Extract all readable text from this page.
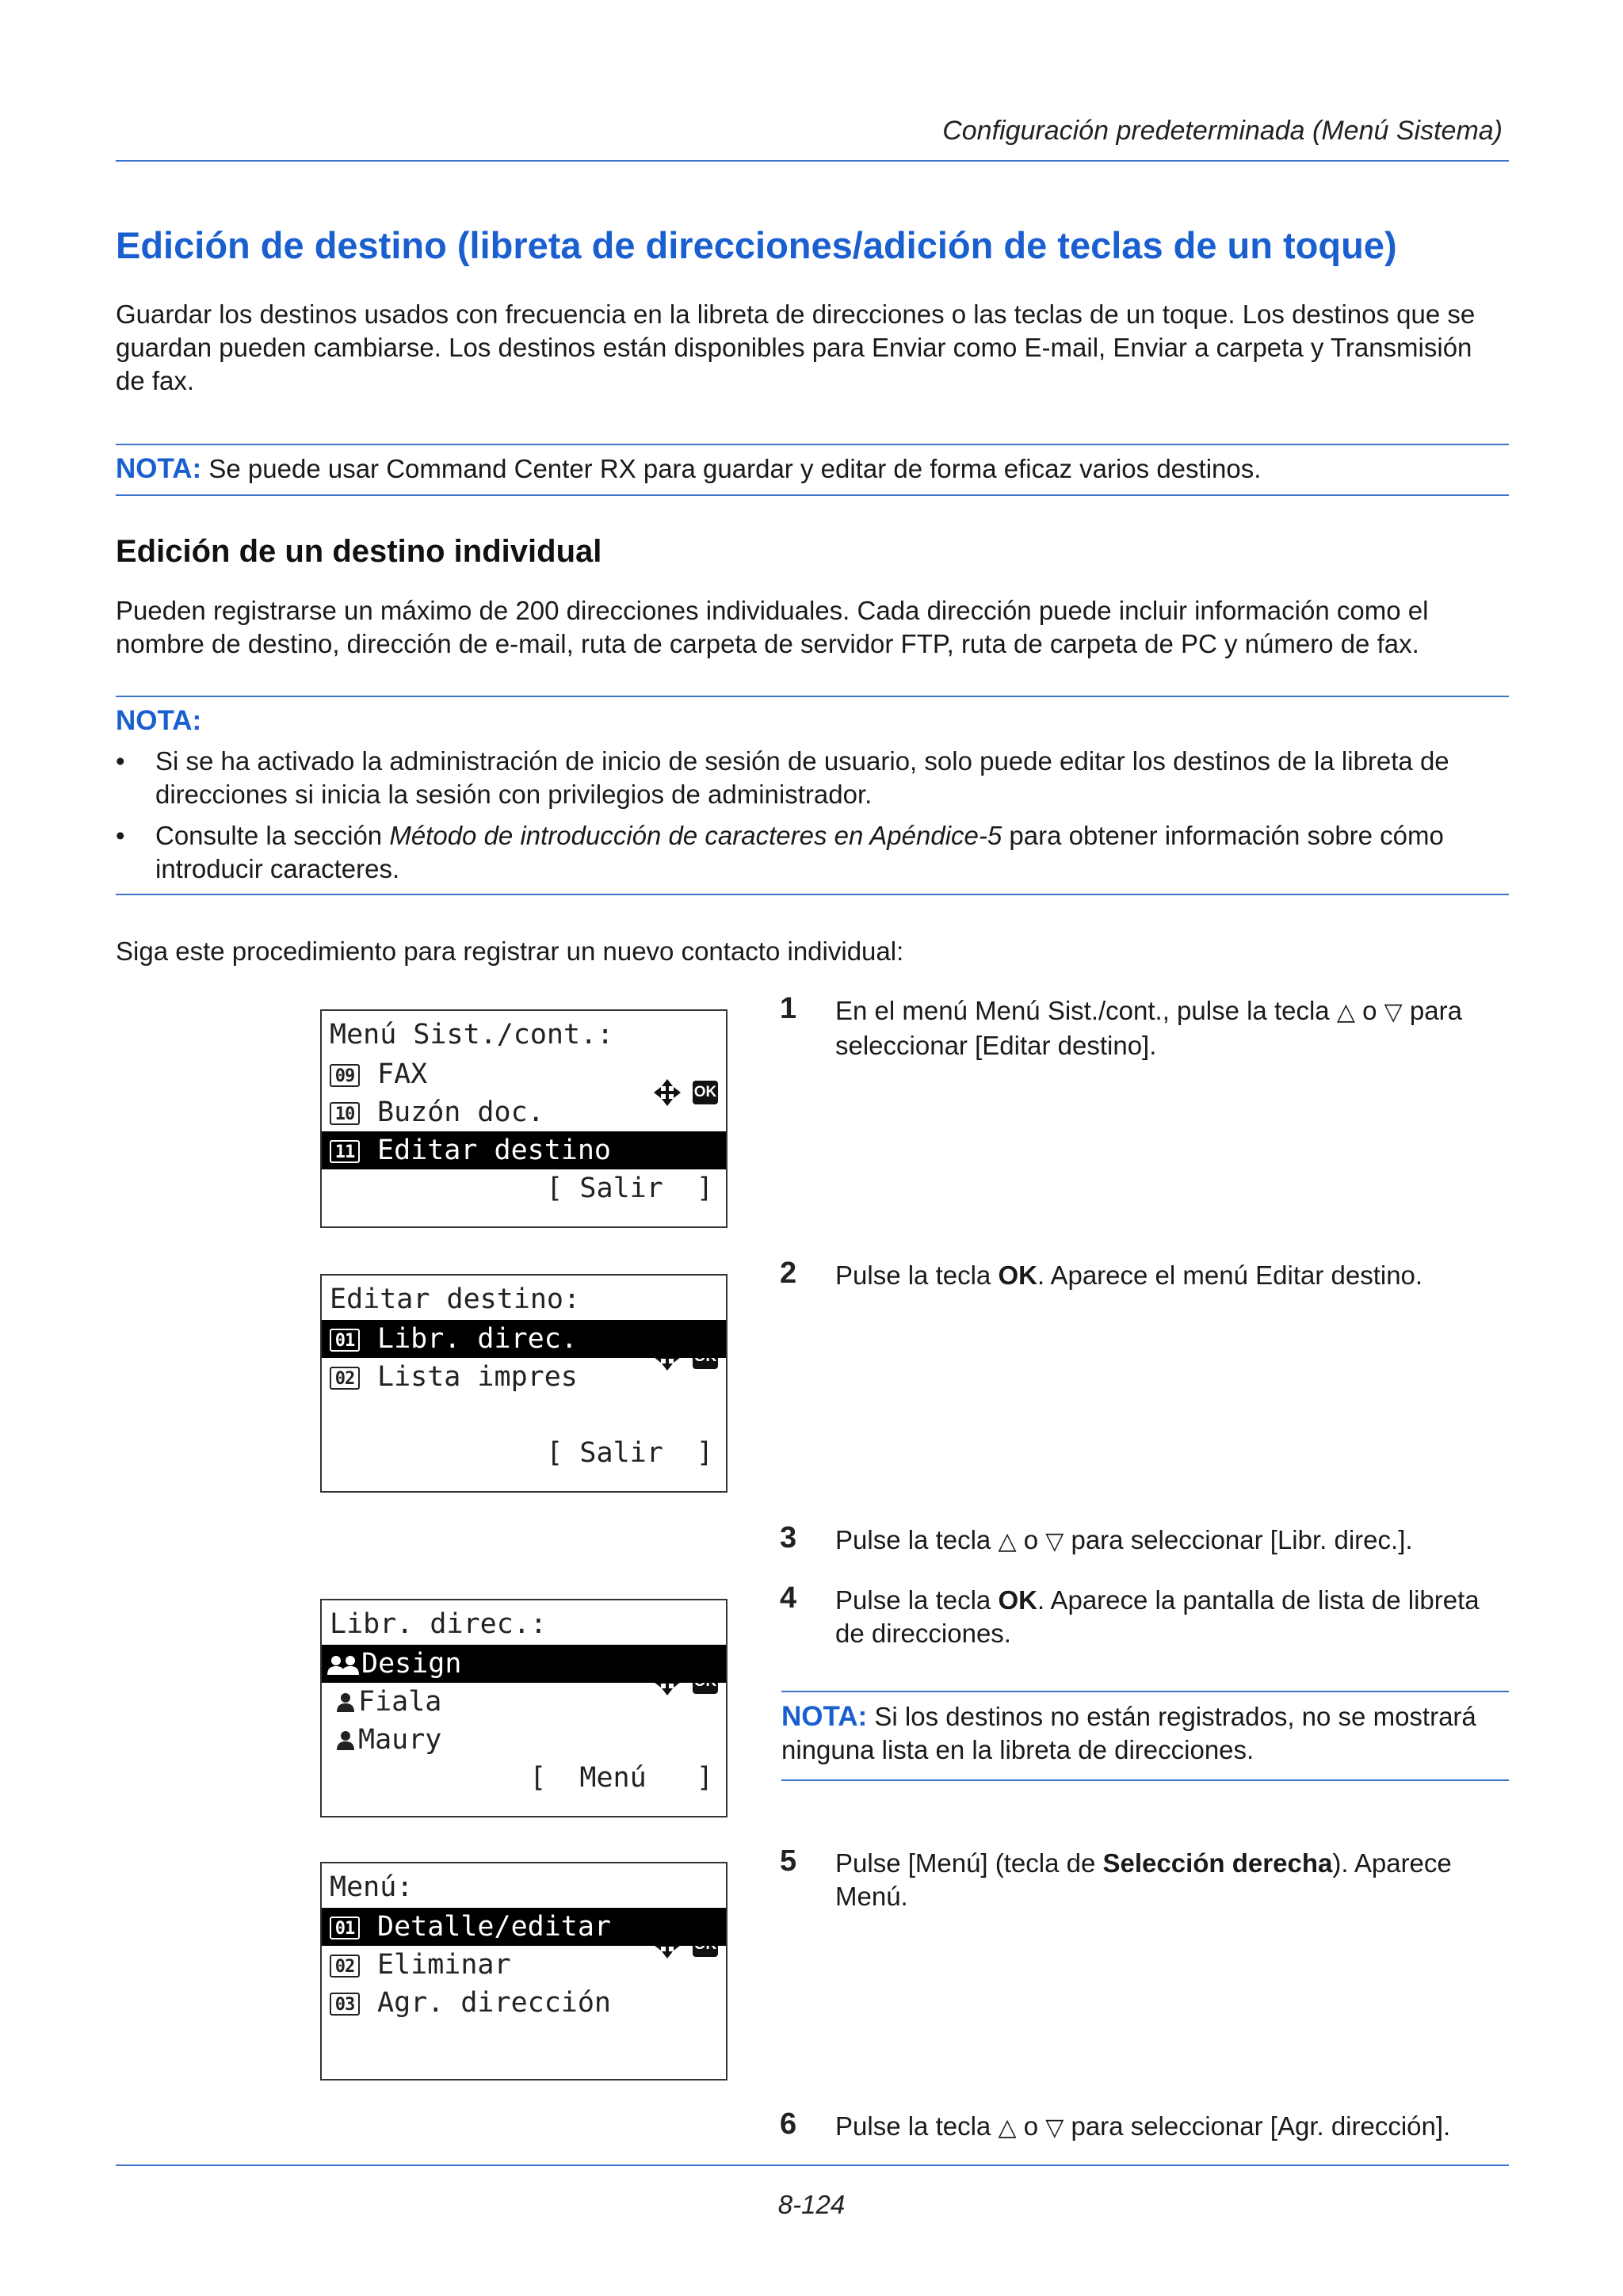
Configuración predeterminada (Menú Sistema)
Edición de destino (libreta de direcciones/adición de teclas de un toque)
Guardar los destinos usados con frecuencia en la libreta de direcciones o las teclas de un toque. Los destinos que se guardan pueden cambiarse. Los destinos están disponibles para Enviar como E-mail, Enviar a carpeta y Transmisión de fax.
NOTA: Se puede usar Command Center RX para guardar y editar de forma eficaz varios destinos.
Edición de un destino individual
Pueden registrarse un máximo de 200 direcciones individuales. Cada dirección puede incluir información como el nombre de destino, dirección de e-mail, ruta de carpeta de servidor FTP, ruta de carpeta de PC y número de fax.
NOTA:
• Si se ha activado la administración de inicio de sesión de usuario, solo puede editar los destinos de la libreta de direcciones si inicia la sesión con privilegios de administrador.
• Consulte la sección Método de introducción de caracteres en Apéndice-5 para obtener información sobre cómo introducir caracteres.
Siga este procedimiento para registrar un nuevo contacto individual:
Menú Sist./cont.:

OK

09 FAX
10 Buzón doc.
11 Editar destino
[ Salir  ]
Editar destino:

01 Libr. direc.
02 Lista impres
[ Salir  ]
Libr. direc.:

Design
Fiala
Maury
[  Menú   ]
Menú:

01 Detalle/editar
02 Eliminar
03 Agr. dirección
1 En el menú Menú Sist./cont., pulse la tecla △ o ▽ para seleccionar [Editar destino].
2 Pulse la tecla OK. Aparece el menú Editar destino.
3 Pulse la tecla △ o ▽ para seleccionar [Libr. direc.].
4 Pulse la tecla OK. Aparece la pantalla de lista de libreta de direcciones.
NOTA: Si los destinos no están registrados, no se mostrará ninguna lista en la libreta de direcciones.
5 Pulse [Menú] (tecla de Selección derecha). Aparece Menú.
6 Pulse la tecla △ o ▽ para seleccionar [Agr. dirección].
8-124
